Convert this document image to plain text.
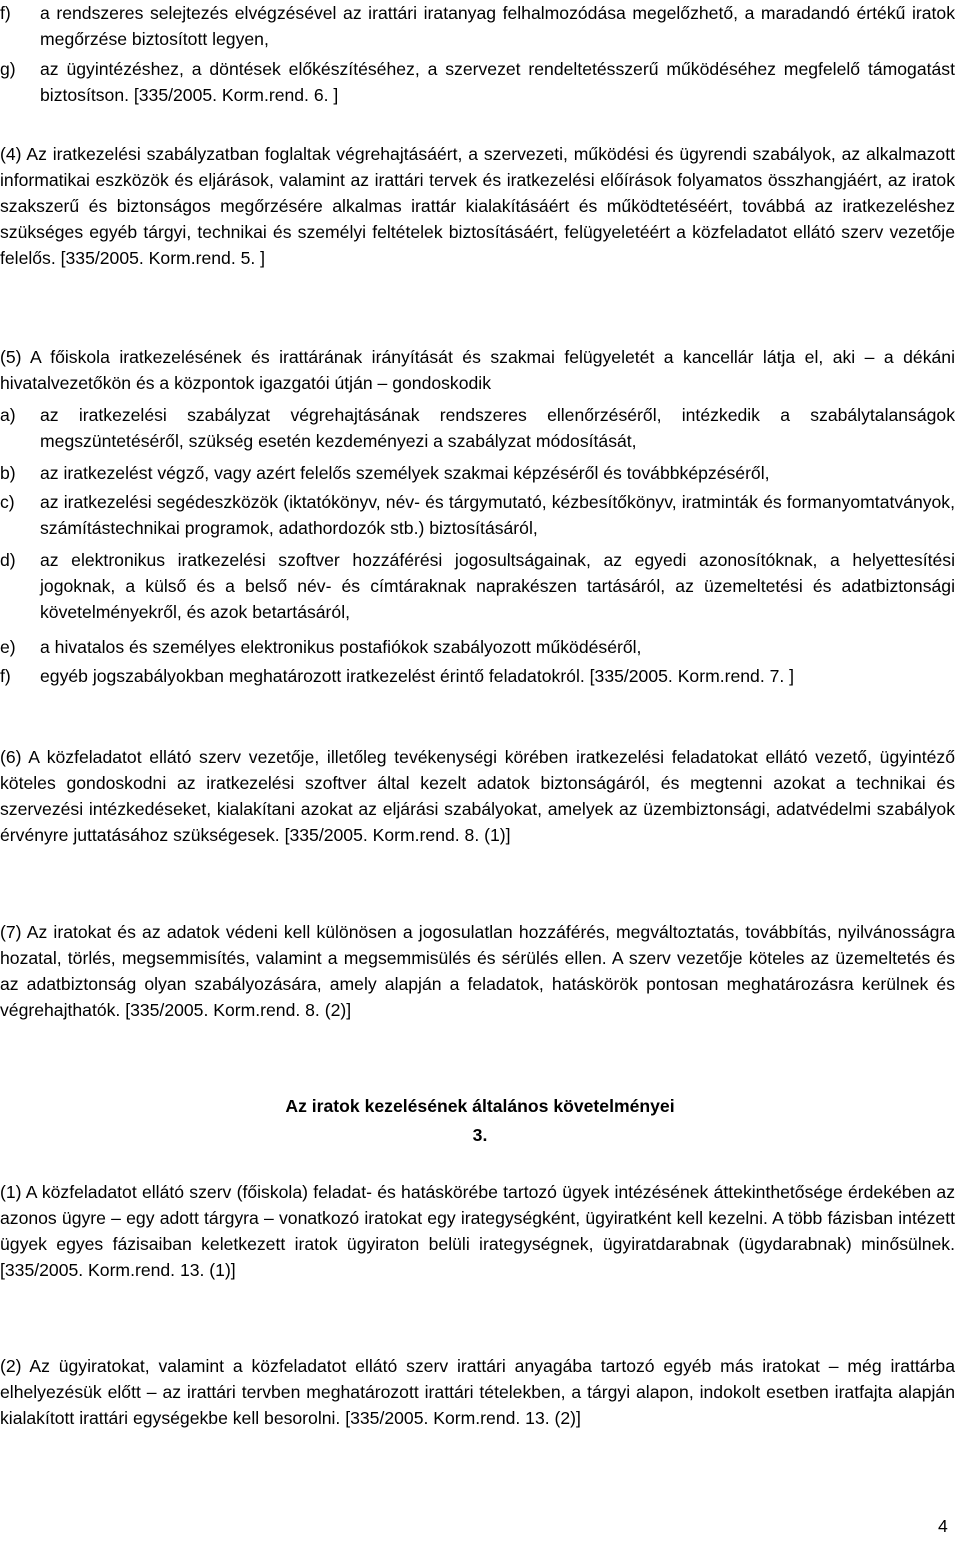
f)	a rendszeres selejtezés elvégzésével az irattári iratanyag felhalmozódása megelőzhető, a maradandó értékű iratok megőrzése biztosított legyen,
g)	az ügyintézéshez, a döntések előkészítéséhez, a szervezet rendeltetésszerű működéséhez megfelelő támogatást biztosítson. [335/2005. Korm.rend. 6. ]

(4) Az iratkezelési szabályzatban foglaltak végrehajtásáért, a szervezeti, működési és ügyrendi szabályok, az alkalmazott informatikai eszközök és eljárások, valamint az irattári tervek és iratkezelési előírások folyamatos összhangjáért, az iratok szakszerű és biztonságos megőrzésére alkalmas irattár kialakításáért és működtetéséért, továbbá az iratkezeléshez szükséges egyéb tárgyi, technikai és személyi feltételek biztosításáért, felügyeletéért a közfeladatot ellátó szerv vezetője felelős. [335/2005. Korm.rend. 5. ]

(5) A főiskola iratkezelésének és irattárának irányítását és szakmai felügyeletét a kancellár látja el, aki – a dékáni hivatalvezetőkön és a központok igazgatói útján – gondoskodik

a)	az iratkezelési szabályzat végrehajtásának rendszeres ellenőrzéséről, intézkedik a szabálytalanságok megszüntetéséről, szükség esetén kezdeményezi a szabályzat módosítását,
b)	az iratkezelést végző, vagy azért felelős személyek szakmai képzéséről és továbbképzéséről,
c)	az iratkezelési segédeszközök (iktatókönyv, név- és tárgymutató, kézbesítőkönyv, iratminták és formanyomtatványok, számítástechnikai programok, adathordozók stb.) biztosításáról,
d)	az elektronikus iratkezelési szoftver hozzáférési jogosultságainak, az egyedi azonosítóknak, a helyettesítési jogoknak, a külső és a belső név- és címtáraknak naprakészen tartásáról, az üzemeltetési és adatbiztonsági követelményekről, és azok betartásáról,
e)	a hivatalos és személyes elektronikus postafiókok szabályozott működéséről,
f)	egyéb jogszabályokban meghatározott iratkezelést érintő feladatokról. [335/2005. Korm.rend. 7. ]

(6) A közfeladatot ellátó szerv vezetője, illetőleg tevékenységi körében iratkezelési feladatokat ellátó vezető, ügyintéző köteles gondoskodni az iratkezelési szoftver által kezelt adatok biztonságáról, és megtenni azokat a technikai és szervezési intézkedéseket, kialakítani azokat az eljárási szabályokat, amelyek az üzembiztonsági, adatvédelmi szabályok érvényre juttatásához szükségesek. [335/2005. Korm.rend. 8. (1)]

(7) Az iratokat és az adatok védeni kell különösen a jogosulatlan hozzáférés, megváltoztatás, továbbítás, nyilvánosságra hozatal, törlés, megsemmisítés, valamint a megsemmisülés és sérülés ellen. A szerv vezetője köteles az üzemeltetés és az adatbiztonság olyan szabályozására, amely alapján a feladatok, hatáskörök pontosan meghatározásra kerülnek és végrehajthatók. [335/2005. Korm.rend. 8. (2)]

Az iratok kezelésének általános követelményei
3.

(1) A közfeladatot ellátó szerv (főiskola) feladat- és hatáskörébe tartozó ügyek intézésének áttekinthetősége érdekében az azonos ügyre – egy adott tárgyra – vonatkozó iratokat egy irategységként, ügyiratként kell kezelni. A több fázisban intézett ügyek egyes fázisaiban keletkezett iratok ügyiraton belüli irategységnek, ügyiratdarabnak (ügydarabnak) minősülnek. [335/2005. Korm.rend. 13. (1)]

(2) Az ügyiratokat, valamint a közfeladatot ellátó szerv irattári anyagába tartozó egyéb más iratokat – még irattárba elhelyezésük előtt – az irattári tervben meghatározott irattári tételekben, a tárgyi alapon, indokolt esetben iratfajta alapján kialakított irattári egységekbe kell besorolni. [335/2005. Korm.rend. 13. (2)]

4
